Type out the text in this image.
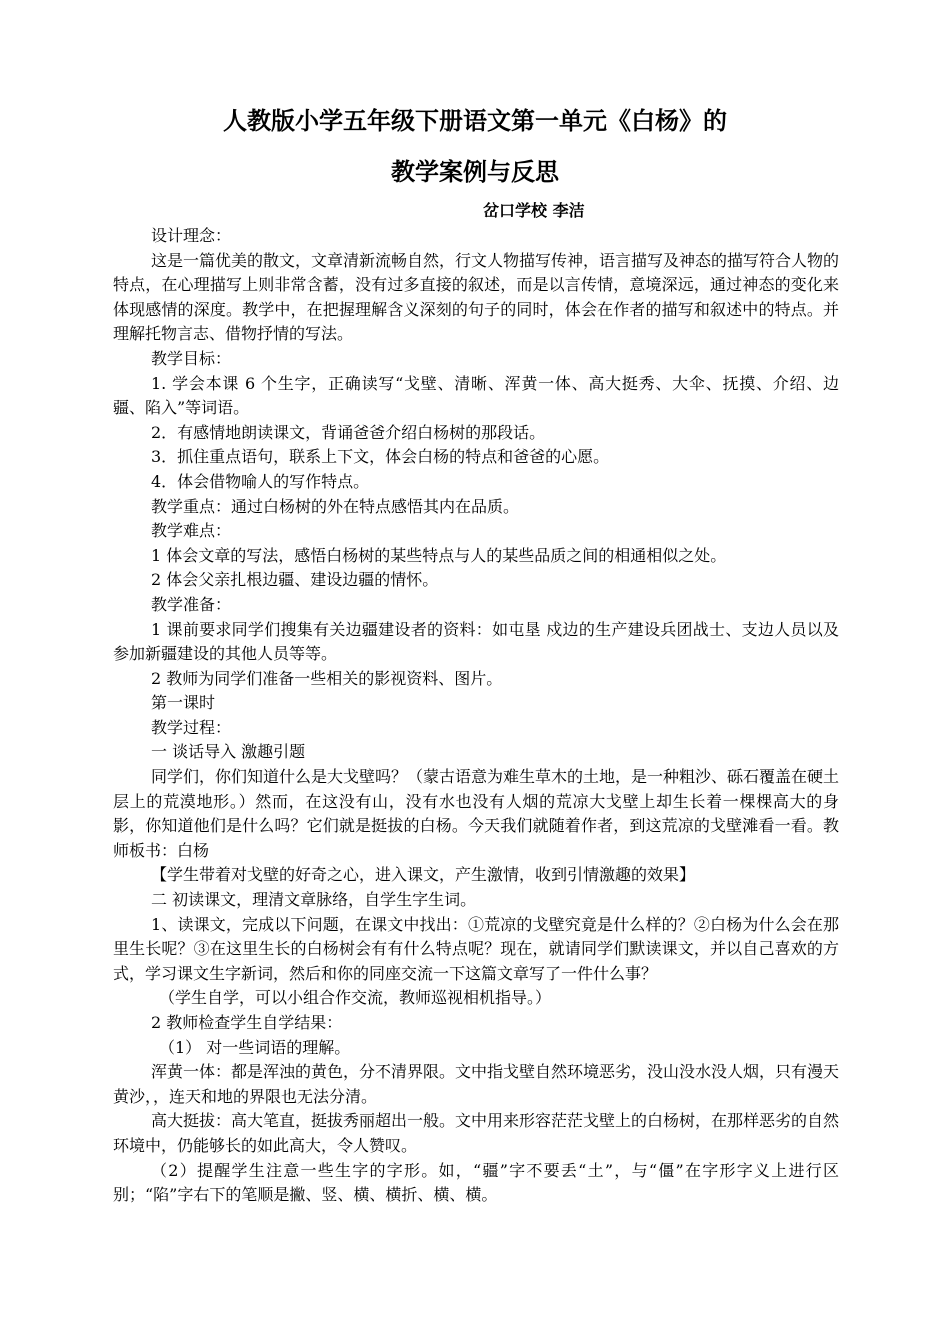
人教版小学五年级下册语文第一单元《白杨》的
教学案例与反思
岔口学校 李洁

设计理念：

这是一篇优美的散文，文章清新流畅自然，行文人物描写传神，语言描写及神态的描写符合人物的特点，在心理描写上则非常含蓄，没有过多直接的叙述，而是以言传情，意境深远，通过神态的变化来体现感情的深度。教学中，在把握理解含义深刻的句子的同时，体会在作者的描写和叙述中的特点。并理解托物言志、借物抒情的写法。

教学目标：

1. 学会本课 6 个生字，正确读写“戈壁、清晰、浑黄一体、高大挺秀、大伞、抚摸、介绍、边疆、陷入”等词语。

2．有感情地朗读课文，背诵爸爸介绍白杨树的那段话。

3．抓住重点语句，联系上下文，体会白杨的特点和爸爸的心愿。

4．体会借物喻人的写作特点。

教学重点：通过白杨树的外在特点感悟其内在品质。

教学难点：

1 体会文章的写法，感悟白杨树的某些特点与人的某些品质之间的相通相似之处。

2 体会父亲扎根边疆、建设边疆的情怀。

教学准备：

1 课前要求同学们搜集有关边疆建设者的资料：如屯垦 戍边的生产建设兵团战士、支边人员以及参加新疆建设的其他人员等等。

2 教师为同学们准备一些相关的影视资料、图片。

第一课时

教学过程：

一 谈话导入 激趣引题

同学们，你们知道什么是大戈壁吗？（蒙古语意为难生草木的土地，是一种粗沙、砾石覆盖在硬土层上的荒漠地形。）然而，在这没有山，没有水也没有人烟的荒凉大戈壁上却生长着一棵棵高大的身影，你知道他们是什么吗？它们就是挺拔的白杨。今天我们就随着作者，到这荒凉的戈壁滩看一看。教师板书：白杨

【学生带着对戈壁的好奇之心，进入课文，产生激情，收到引情激趣的效果】

二 初读课文，理清文章脉络，自学生字生词。

1、读课文，完成以下问题，在课文中找出：①荒凉的戈壁究竟是什么样的？②白杨为什么会在那里生长呢？③在这里生长的白杨树会有有什么特点呢？现在，就请同学们默读课文，并以自己喜欢的方式，学习课文生字新词，然后和你的同座交流一下这篇文章写了一件什么事？

（学生自学，可以小组合作交流，教师巡视相机指导。）

2 教师检查学生自学结果：

（1） 对一些词语的理解。

浑黄一体：都是浑浊的黄色，分不清界限。文中指戈壁自然环境恶劣，没山没水没人烟，只有漫天黄沙，，连天和地的界限也无法分清。

高大挺拔：高大笔直，挺拔秀丽超出一般。文中用来形容茫茫戈壁上的白杨树，在那样恶劣的自然环境中，仍能够长的如此高大，令人赞叹。

（2）提醒学生注意一些生字的字形。如，“疆”字不要丢“土”，与“僵”在字形字义上进行区别；“陷”字右下的笔顺是撇、竖、横、横折、横、横。
